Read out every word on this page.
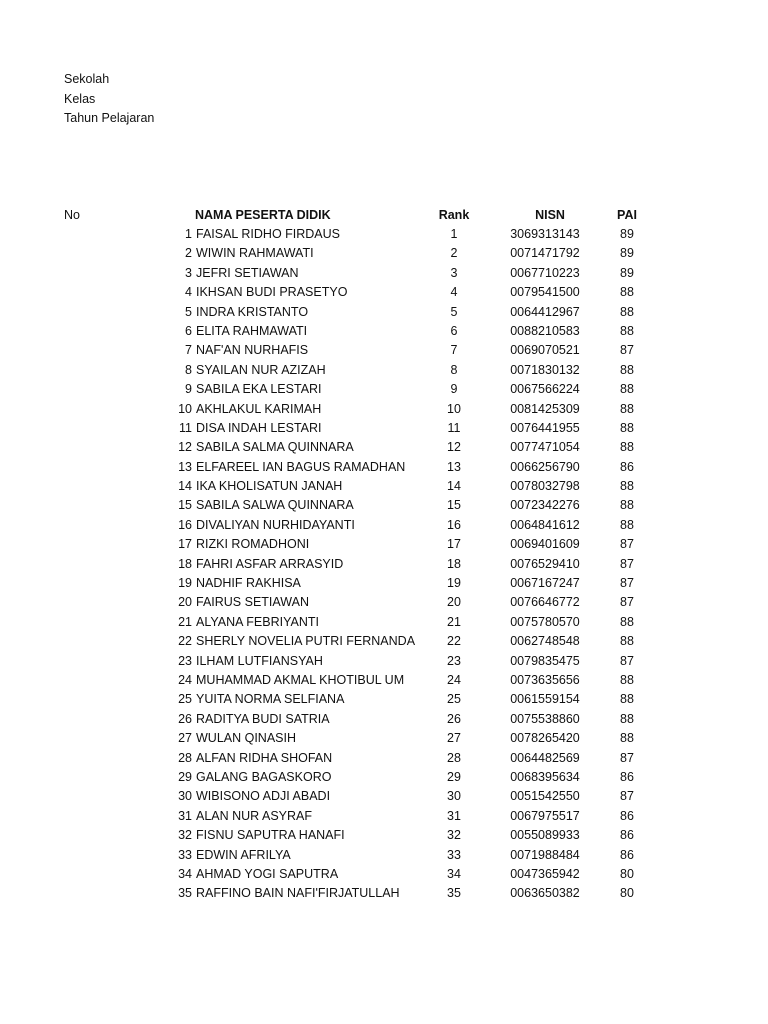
Sekolah
Kelas
Tahun Pelajaran
No	NAMA PESERTA DIDIK	Rank	NISN	PAI
1 FAISAL RIDHO FIRDAUS	1	3069313143	89
2 WIWIN RAHMAWATI	2	0071471792	89
3 JEFRI SETIAWAN	3	0067710223	89
4 IKHSAN BUDI PRASETYO	4	0079541500	88
5 INDRA KRISTANTO	5	0064412967	88
6 ELITA RAHMAWATI	6	0088210583	88
7 NAF'AN NURHAFIS	7	0069070521	87
8 SYAILAN NUR AZIZAH	8	0071830132	88
9 SABILA EKA LESTARI	9	0067566224	88
10 AKHLAKUL KARIMAH	10	0081425309	88
11 DISA INDAH LESTARI	11	0076441955	88
12 SABILA SALMA QUINNARA	12	0077471054	88
13 ELFAREEL IAN BAGUS RAMADHAN	13	0066256790	86
14 IKA KHOLISATUN JANAH	14	0078032798	88
15 SABILA SALWA QUINNARA	15	0072342276	88
16 DIVALIYAN NURHIDAYANTI	16	0064841612	88
17 RIZKI ROMADHONI	17	0069401609	87
18 FAHRI ASFAR ARRASYID	18	0076529410	87
19 NADHIF RAKHISA	19	0067167247	87
20 FAIRUS SETIAWAN	20	0076646772	87
21 ALYANA FEBRIYANTI	21	0075780570	88
22 SHERLY NOVELIA PUTRI FERNANDA	22	0062748548	88
23 ILHAM LUTFIANSYAH	23	0079835475	87
24 MUHAMMAD AKMAL KHOTIBUL UM	24	0073635656	88
25 YUITA NORMA SELFIANA	25	0061559154	88
26 RADITYA BUDI SATRIA	26	0075538860	88
27 WULAN QINASIH	27	0078265420	88
28 ALFAN RIDHA SHOFAN	28	0064482569	87
29 GALANG BAGASKORO	29	0068395634	86
30 WIBISONO ADJI ABADI	30	0051542550	87
31 ALAN NUR ASYRAF	31	0067975517	86
32 FISNU SAPUTRA HANAFI	32	0055089933	86
33 EDWIN AFRILYA	33	0071988484	86
34 AHMAD YOGI SAPUTRA	34	0047365942	80
35 RAFFINO BAIN NAFI'FIRJATULLAH	35	0063650382	80
